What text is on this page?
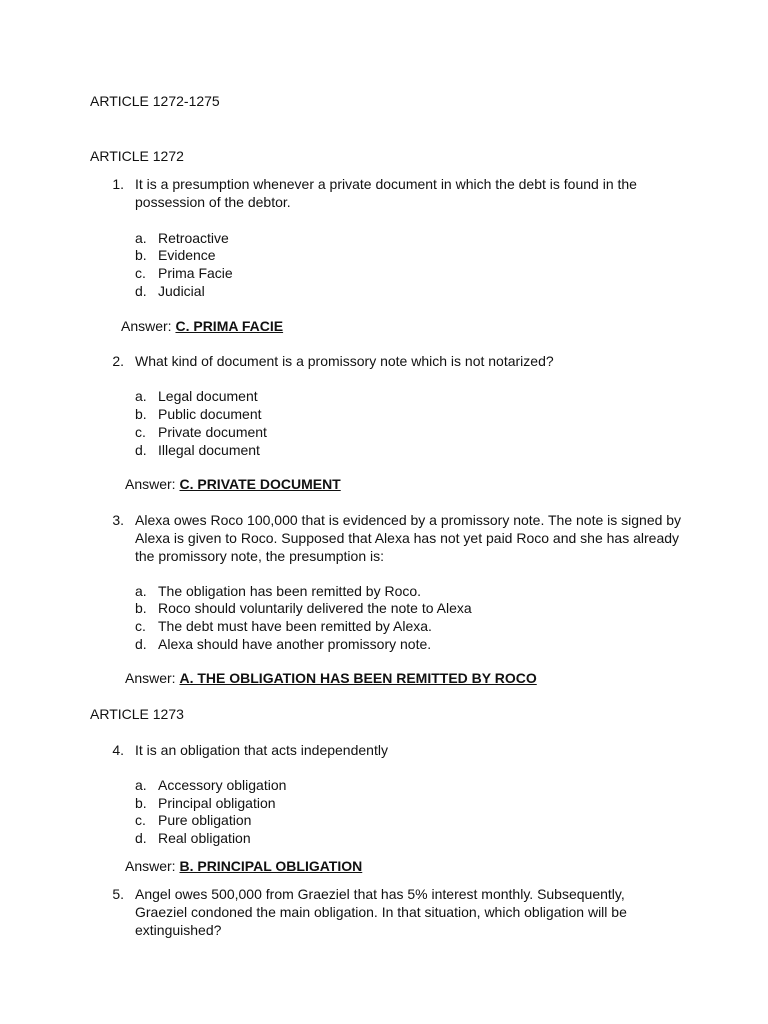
ARTICLE 1272-1275
ARTICLE 1272
1. It is a presumption whenever a private document in which the debt is found in the possession of the debtor.
a. Retroactive
b. Evidence
c. Prima Facie
d. Judicial
Answer: C. PRIMA FACIE
2. What kind of document is a promissory note which is not notarized?
a. Legal document
b. Public document
c. Private document
d. Illegal document
Answer: C. PRIVATE DOCUMENT
3. Alexa owes Roco 100,000 that is evidenced by a promissory note. The note is signed by Alexa is given to Roco. Supposed that Alexa has not yet paid Roco and she has already the promissory note, the presumption is:
a. The obligation has been remitted by Roco.
b. Roco should voluntarily delivered the note to Alexa
c. The debt must have been remitted by Alexa.
d. Alexa should have another promissory note.
Answer: A. THE OBLIGATION HAS BEEN REMITTED BY ROCO
ARTICLE 1273
4. It is an obligation that acts independently
a. Accessory obligation
b. Principal obligation
c. Pure obligation
d. Real obligation
Answer: B. PRINCIPAL OBLIGATION
5. Angel owes 500,000 from Graeziel that has 5% interest monthly. Subsequently, Graeziel condoned the main obligation. In that situation, which obligation will be extinguished?
